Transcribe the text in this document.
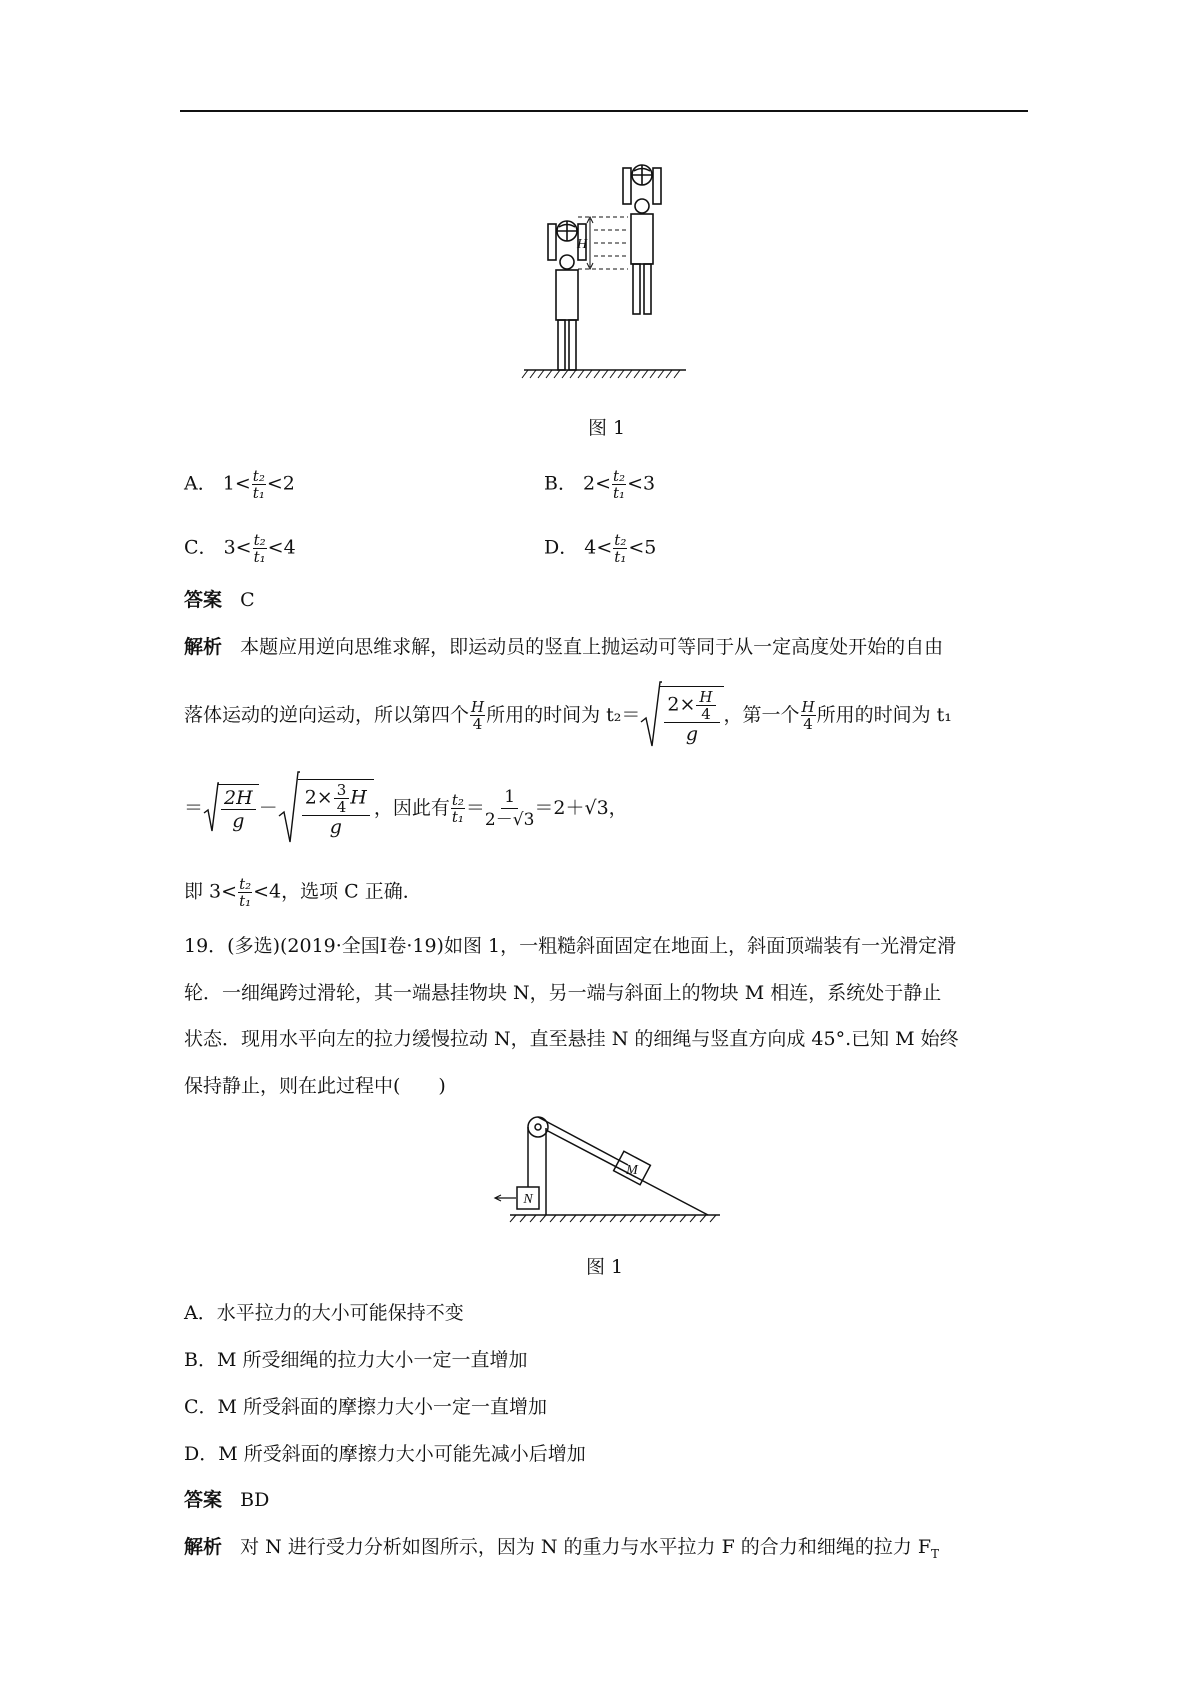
H
图 1
A． $1< \frac{\text{t₂}}{\text{t₁}} <2$	B． $2< \frac{\text{t₂}}{\text{t₁}} <3$
C． $3< \frac{\text{t₂}}{\text{t₁}} <4$	D． $4< \frac{\text{t₂}}{\text{t₁}} <5$
答案 C
解析 本题应用逆向思维求解，即运动员的竖直上抛运动可等同于从一定高度处开始的自由
落体运动的逆向运动，所以第四个 $\frac{H}{4}$ 所用的时间为 $t_2= \frac{2\times \frac{H}{4}}{g}$ ，第一个 $\frac{H}{4}$ 所用的时间为 t₁
＝ $\frac{2H}{g} - \frac{2\times \frac{3}{4} H}{g}$ ，因此有 $\frac{\text{t₂}}{\text{t₁}} = \frac{1}{2-√3} =2+√3$，
即 $3< \frac{\text{t₂}}{\text{t₁}} <4$，选项 C 正确．
19．(多选)(2019·全国Ⅰ卷·19)如图 1，一粗糙斜面固定在地面上，斜面顶端装有一光滑定滑
轮．一细绳跨过滑轮，其一端悬挂物块 N，另一端与斜面上的物块 M 相连，系统处于静止
状态．现用水平向左的拉力缓慢拉动 N，直至悬挂 N 的细绳与竖直方向成 45°.已知 M 始终
保持静止，则在此过程中(　　)
M
N
图 1
A．水平拉力的大小可能保持不变
B．M 所受细绳的拉力大小一定一直增加
C．M 所受斜面的摩擦力大小一定一直增加
D．M 所受斜面的摩擦力大小可能先减小后增加
答案 BD
解析 对 N 进行受力分析如图所示，因为 N 的重力与水平拉力 F 的合力和细绳的拉力 $F_T$
